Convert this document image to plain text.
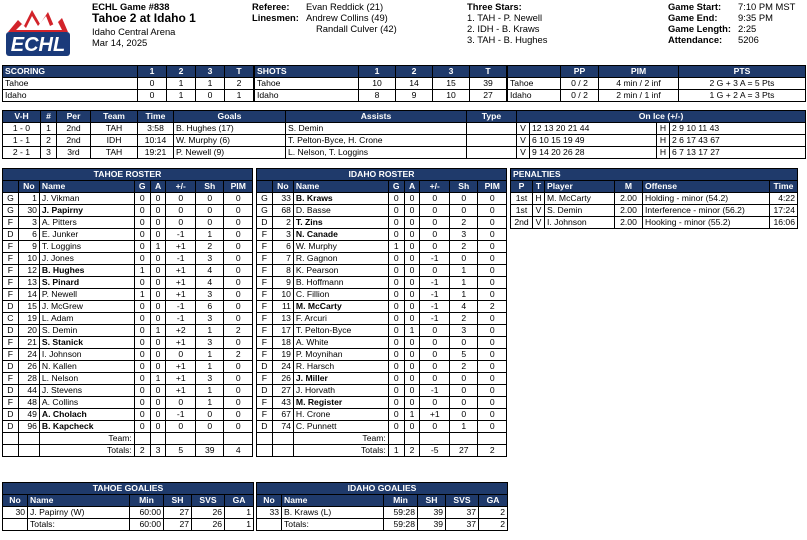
ECHL
ECHL Game #838
Tahoe 2 at Idaho 1
Idaho Central Arena
Mar 14, 2025
Referee: Evan Reddick (21)
Linesmen: Andrew Collins (49)
Randall Culver (42)
Three Stars:
1. TAH - P. Newell
2. IDH - B. Kraws
3. TAH - B. Hughes
Game Start: 7:10 PM MST
Game End: 9:35 PM
Game Length: 2:25
Attendance: 5206
SCORING	1	2	3	T
Tahoe	0	1	1	2
Idaho	0	1	0	1
SHOTS	1	2	3	T
Tahoe	10	14	15	39
Idaho	8	9	10	27
	PP	PIM	PTS
Tahoe	0 / 2	4 min / 2 inf	2 G + 3 A = 5 Pts
Idaho	0 / 2	2 min / 1 inf	1 G + 2 A = 3 Pts
V-H	#	Per	Team	Time	Goals	Assists	Type	On Ice (+/-)			
1 - 0	1	2nd	TAH	3:58	B. Hughes (17)	S. Demin		V	12 13 20 21 44	H	2 9 10 11 43
1 - 1	2	2nd	IDH	10:14	W. Murphy (6)	T. Pelton-Byce, H. Crone		V	6 10 15 19 49	H	2 6 17 43 67
2 - 1	3	3rd	TAH	19:21	P. Newell (9)	L. Nelson, T. Loggins		V	9 14 20 26 28	H	6 7 13 17 27
TAHOE ROSTER							
	No	Name	G	A	+/-	Sh	PIM
G	1	J. Vikman	0	0	0	0	0
G	30	J. Papirny	0	0	0	0	0
F	3	A. Pitters	0	0	0	0	0
D	6	E. Junker	0	0	-1	1	0
F	9	T. Loggins	0	1	+1	2	0
F	10	J. Jones	0	0	-1	3	0
F	12	B. Hughes	1	0	+1	4	0
F	13	S. Pinard	0	0	+1	4	0
F	14	P. Newell	1	0	+1	3	0
D	15	J. McGrew	0	0	-1	6	0
C	19	L. Adam	0	0	-1	3	0
D	20	S. Demin	0	1	+2	1	2
F	21	S. Stanick	0	0	+1	3	0
F	24	I. Johnson	0	0	0	1	2
D	26	N. Kallen	0	0	+1	1	0
F	28	L. Nelson	0	1	+1	3	0
D	44	J. Stevens	0	0	+1	1	0
F	48	A. Collins	0	0	0	1	0
D	49	A. Cholach	0	0	-1	0	0
D	96	B. Kapcheck	0	0	0	0	0
		Team:					
		Totals:	2	3	5	39	4
IDAHO ROSTER							
	No	Name	G	A	+/-	Sh	PIM
G	33	B. Kraws	0	0	0	0	0
G	68	D. Basse	0	0	0	0	0
D	2	T. Zins	0	0	0	2	0
F	3	N. Canade	0	0	0	3	0
F	6	W. Murphy	1	0	0	2	0
F	7	R. Gagnon	0	0	-1	0	0
F	8	K. Pearson	0	0	0	1	0
F	9	B. Hoffmann	0	0	-1	1	0
F	10	C. Fillion	0	0	-1	1	0
F	11	M. McCarty	0	0	-1	4	2
F	13	F. Arcuri	0	0	-1	2	0
F	17	T. Pelton-Byce	0	1	0	3	0
F	18	A. White	0	0	0	0	0
F	19	P. Moynihan	0	0	0	5	0
D	24	R. Harsch	0	0	0	2	0
F	26	J. Miller	0	0	0	0	0
D	27	J. Horvath	0	0	-1	0	0
F	43	M. Register	0	0	0	0	0
F	67	H. Crone	0	1	+1	0	0
D	74	C. Punnett	0	0	0	1	0
		Team:					
		Totals:	1	2	-5	27	2
PENALTIES					
P	T	Player	M	Offense	Time
1st	H	M. McCarty	2.00	Holding - minor (54.2)	4:22
1st	V	S. Demin	2.00	Interference - minor (56.2)	17:24
2nd	V	I. Johnson	2.00	Hooking - minor (55.2)	16:06
TAHOE GOALIES					
No	Name	Min	SH	SVS	GA
30	J. Papirny (W)	60:00	27	26	1
	Totals:	60:00	27	26	1
IDAHO GOALIES					
No	Name	Min	SH	SVS	GA
33	B. Kraws (L)	59:28	39	37	2
	Totals:	59:28	39	37	2
